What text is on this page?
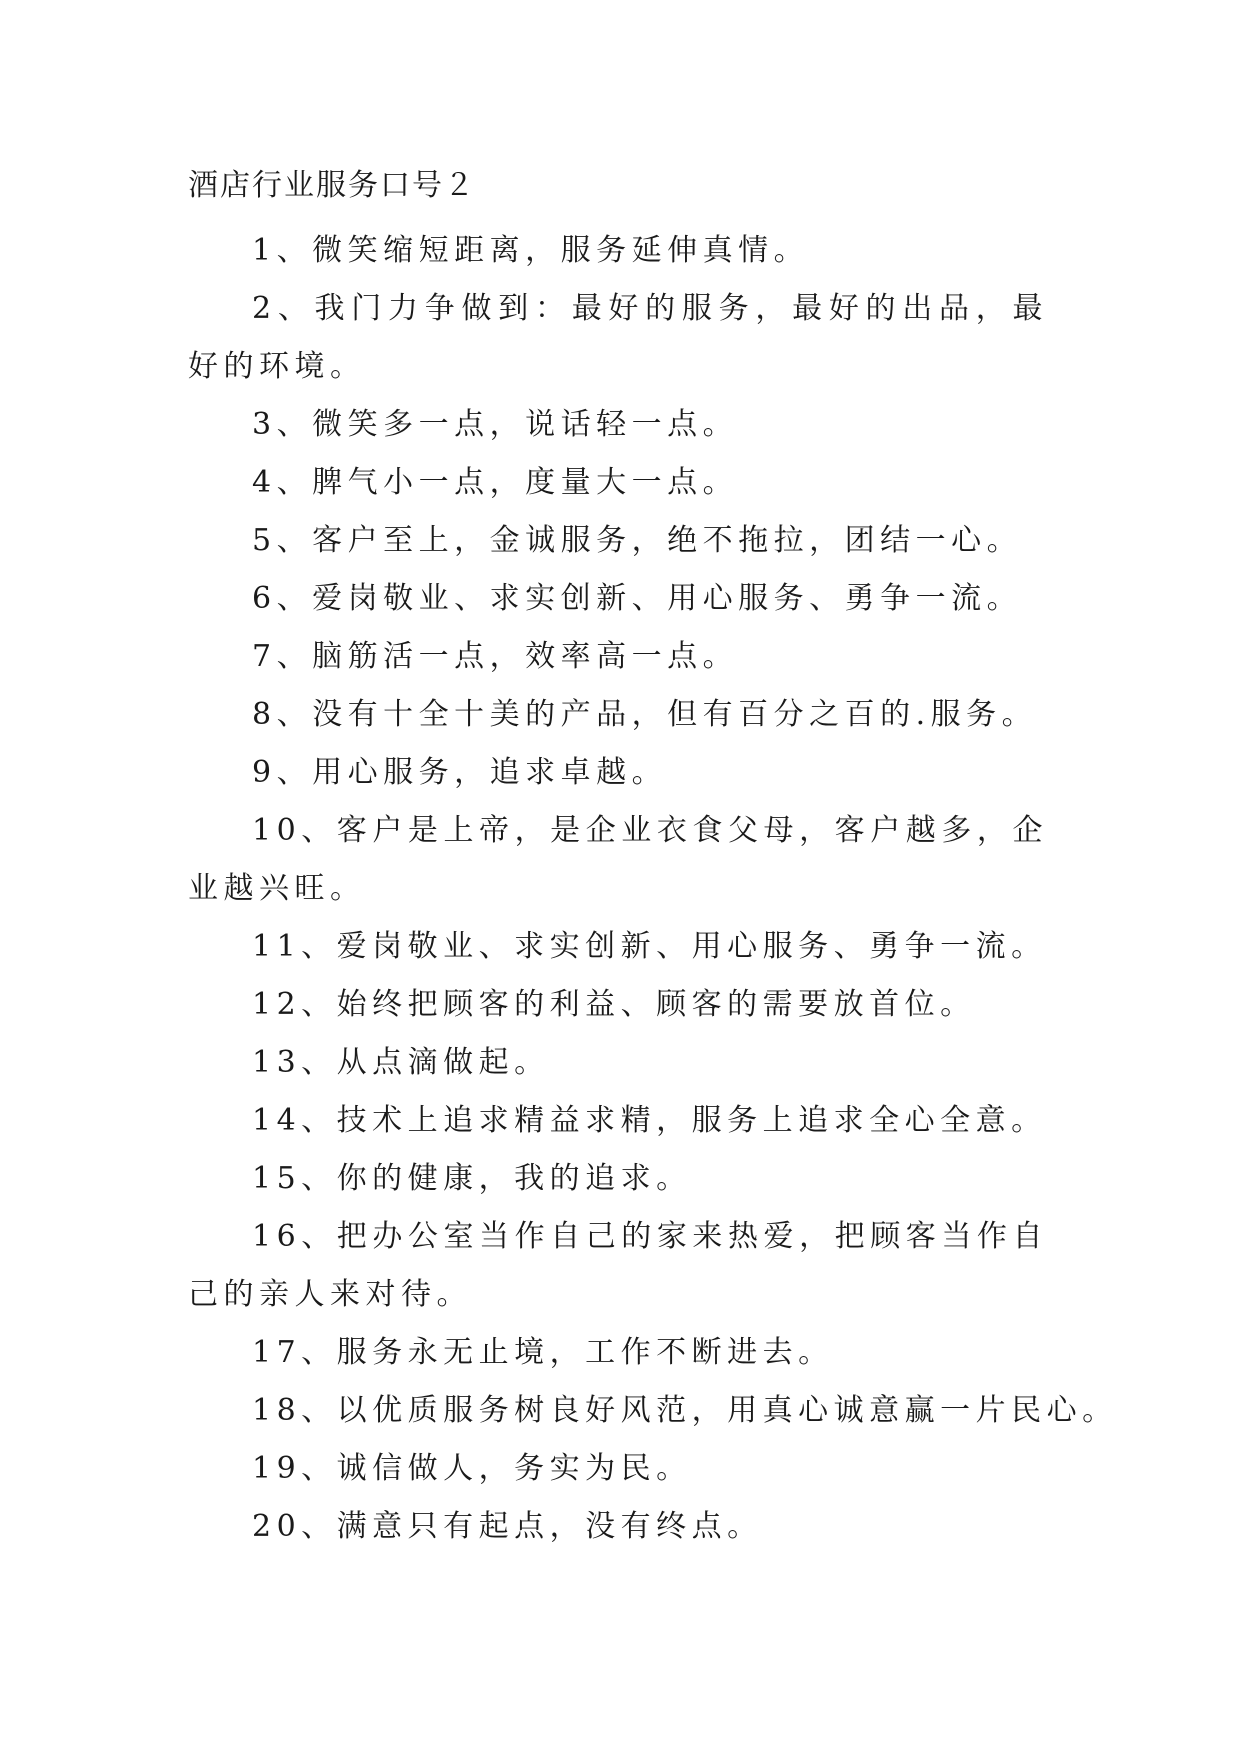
酒店行业服务口号２

1、微笑缩短距离，服务延伸真情。

2、我门力争做到：最好的服务，最好的出品，最好的环境。

3、微笑多一点，说话轻一点。

4、脾气小一点，度量大一点。

5、客户至上，金诚服务，绝不拖拉，团结一心。

6、爱岗敬业、求实创新、用心服务、勇争一流。

7、脑筋活一点，效率高一点。

8、没有十全十美的产品，但有百分之百的.服务。

9、用心服务，追求卓越。

10、客户是上帝，是企业衣食父母，客户越多，企业越兴旺。

11、爱岗敬业、求实创新、用心服务、勇争一流。

12、始终把顾客的利益、顾客的需要放首位。

13、从点滴做起。

14、技术上追求精益求精，服务上追求全心全意。

15、你的健康，我的追求。

16、把办公室当作自己的家来热爱，把顾客当作自己的亲人来对待。

17、服务永无止境，工作不断进去。

18、以优质服务树良好风范，用真心诚意赢一片民心。

19、诚信做人，务实为民。

20、满意只有起点，没有终点。
